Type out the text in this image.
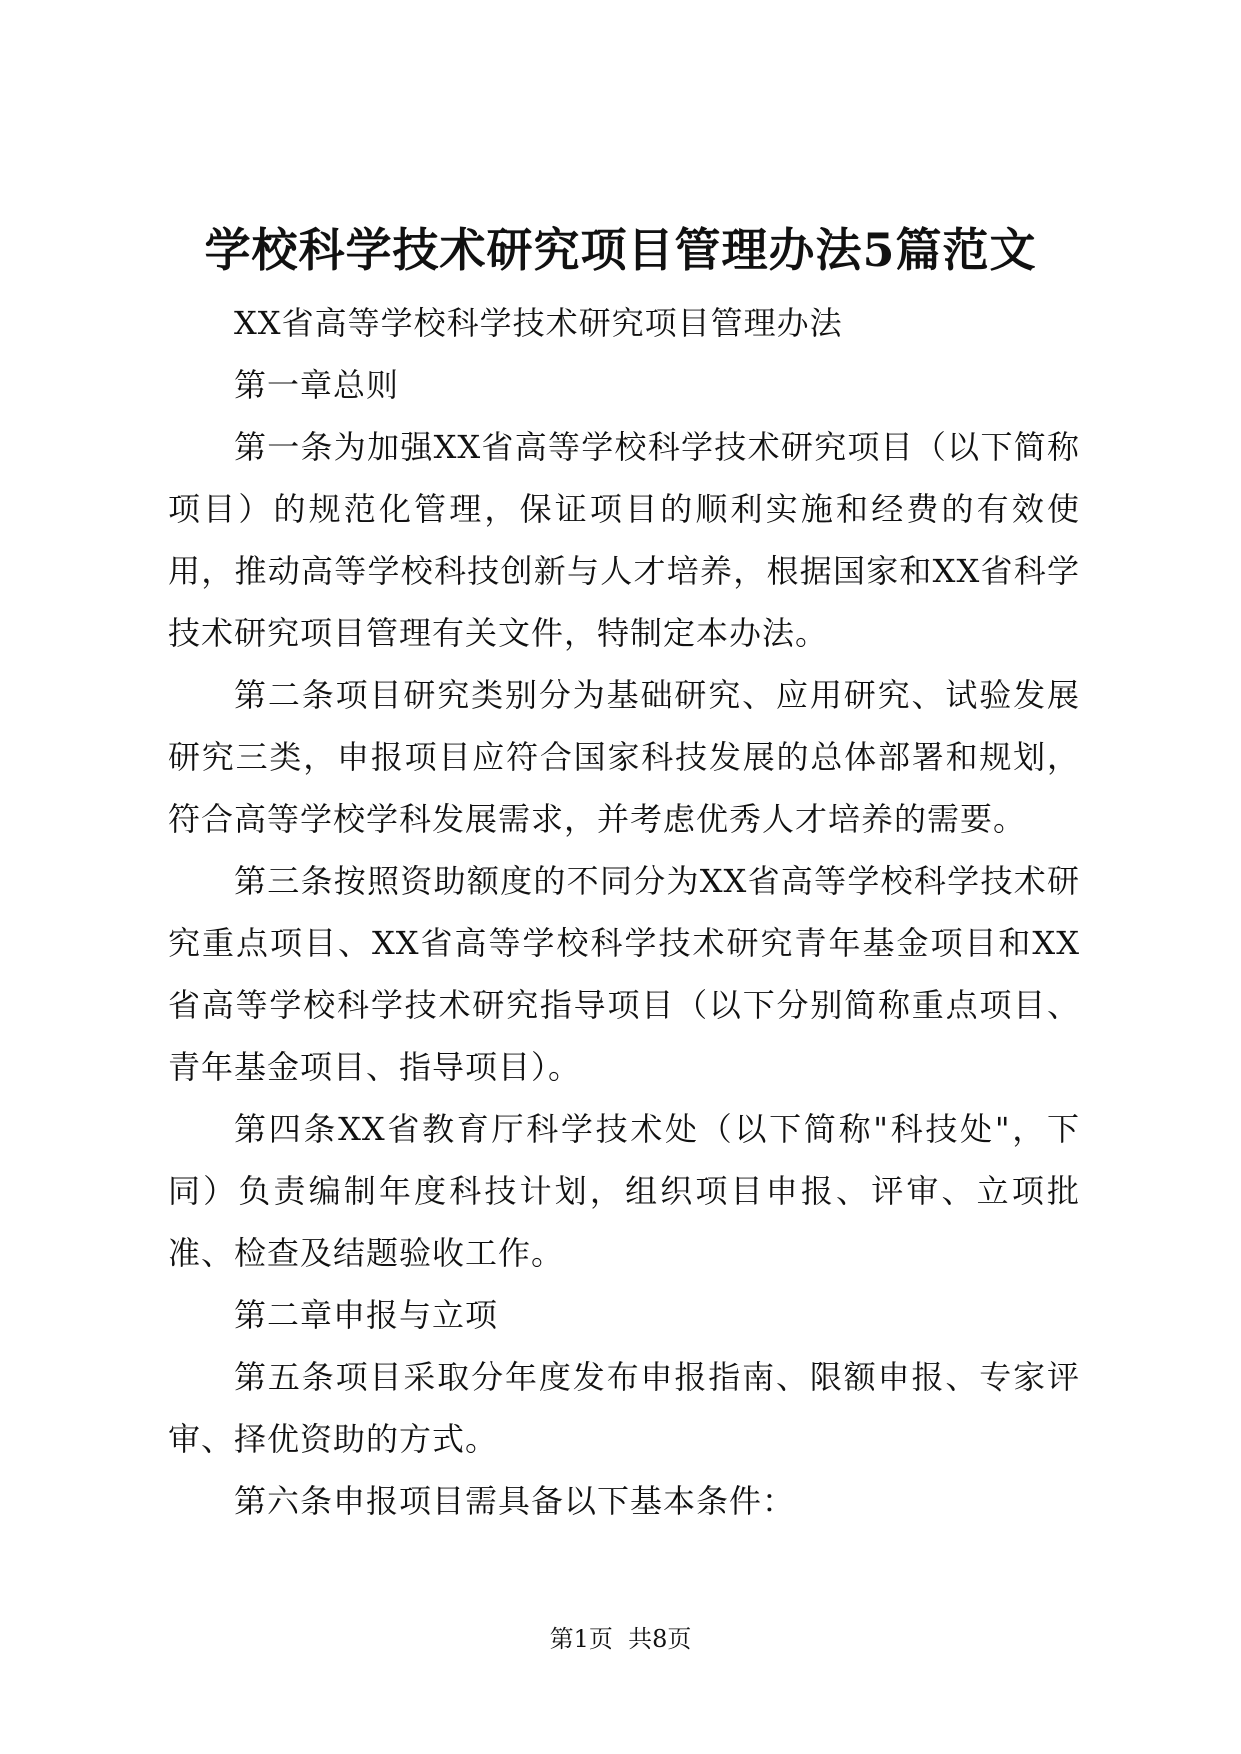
学校科学技术研究项目管理办法5篇范文

XX省高等学校科学技术研究项目管理办法

第一章总则

第一条为加强XX省高等学校科学技术研究项目（以下简称项目）的规范化管理，保证项目的顺利实施和经费的有效使用，推动高等学校科技创新与人才培养，根据国家和XX省科学技术研究项目管理有关文件，特制定本办法。

第二条项目研究类别分为基础研究、应用研究、试验发展研究三类，申报项目应符合国家科技发展的总体部署和规划，符合高等学校学科发展需求，并考虑优秀人才培养的需要。

第三条按照资助额度的不同分为XX省高等学校科学技术研究重点项目、XX省高等学校科学技术研究青年基金项目和XX省高等学校科学技术研究指导项目（以下分别简称重点项目、青年基金项目、指导项目）。

第四条XX省教育厅科学技术处（以下简称"科技处"，下同）负责编制年度科技计划，组织项目申报、评审、立项批准、检查及结题验收工作。

第二章申报与立项

第五条项目采取分年度发布申报指南、限额申报、专家评审、择优资助的方式。

第六条申报项目需具备以下基本条件：

第1页  共8页
